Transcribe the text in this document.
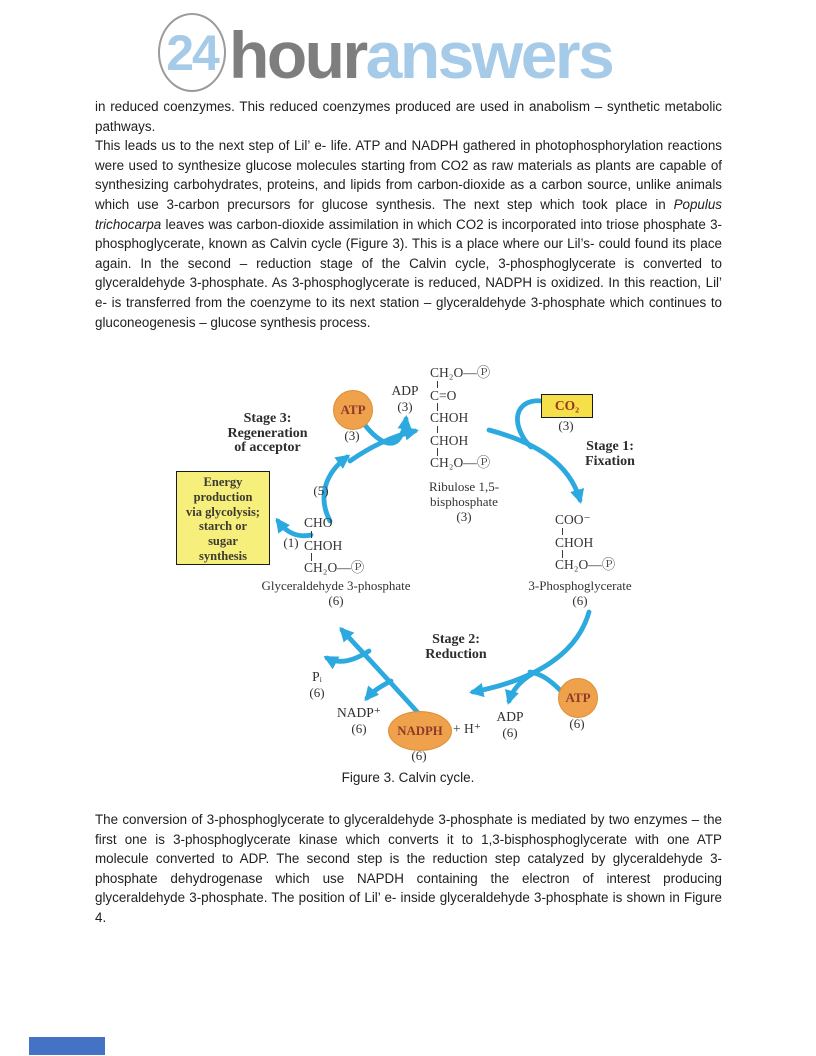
24 houranswers

in reduced coenzymes. This reduced coenzymes produced are used in anabolism – synthetic metabolic pathways.

This leads us to the next step of Lil’ e- life. ATP and NADPH gathered in photophosphorylation reactions were used to synthesize glucose molecules starting from CO2 as raw materials as plants are capable of synthesizing carbohydrates, proteins, and lipids from carbon-dioxide as a carbon source, unlike animals which use 3-carbon precursors for glucose synthesis. The next step which took place in Populus trichocarpa leaves was carbon-dioxide assimilation in which CO2 is incorporated into triose phosphate 3-phosphoglycerate, known as Calvin cycle (Figure 3). This is a place where our Lil’s- could found its place again. In the second – reduction stage of the Calvin cycle, 3-phosphoglycerate is converted to glyceraldehyde 3-phosphate. As 3-phosphoglycerate is reduced, NADPH is oxidized. In this reaction, Lil’ e- is transferred from the coenzyme to its next station – glyceraldehyde 3-phosphate which continues to gluconeogenesis – glucose synthesis process.

Stage 3:
Regeneration
of acceptor	Stage 1:
Fixation
Stage 2:
Reduction
ATP
(3)
ADP
(3)
CH₂O—Ⓟ
C=O
CHOH
CHOH
CH₂O—Ⓟ
Ribulose 1,5-
bisphosphate
(3)
CO₂
(3)
COO⁻
CHOH
CH₂O—Ⓟ
3-Phosphoglycerate
(6)
CHO
CHOH
CH₂O—Ⓟ
Glyceraldehyde 3-phosphate
(6)
Energy
production
via glycolysis;
starch or
sugar
synthesis
(5)
(1)
Pᵢ
(6)
NADP⁺
(6)	NADPH + H⁺
(6)
ADP
(6)
ATP
(6)
Figure 3. Calvin cycle.

The conversion of 3-phosphoglycerate to glyceraldehyde 3-phosphate is mediated by two enzymes – the first one is 3-phosphoglycerate kinase which converts it to 1,3-bisphosphoglycerate with one ATP molecule converted to ADP. The second step is the reduction step catalyzed by glyceraldehyde 3-phosphate dehydrogenase which use NAPDH containing the electron of interest producing glyceraldehyde 3-phosphate. The position of Lil’ e- inside glyceraldehyde 3-phosphate is shown in Figure 4.
